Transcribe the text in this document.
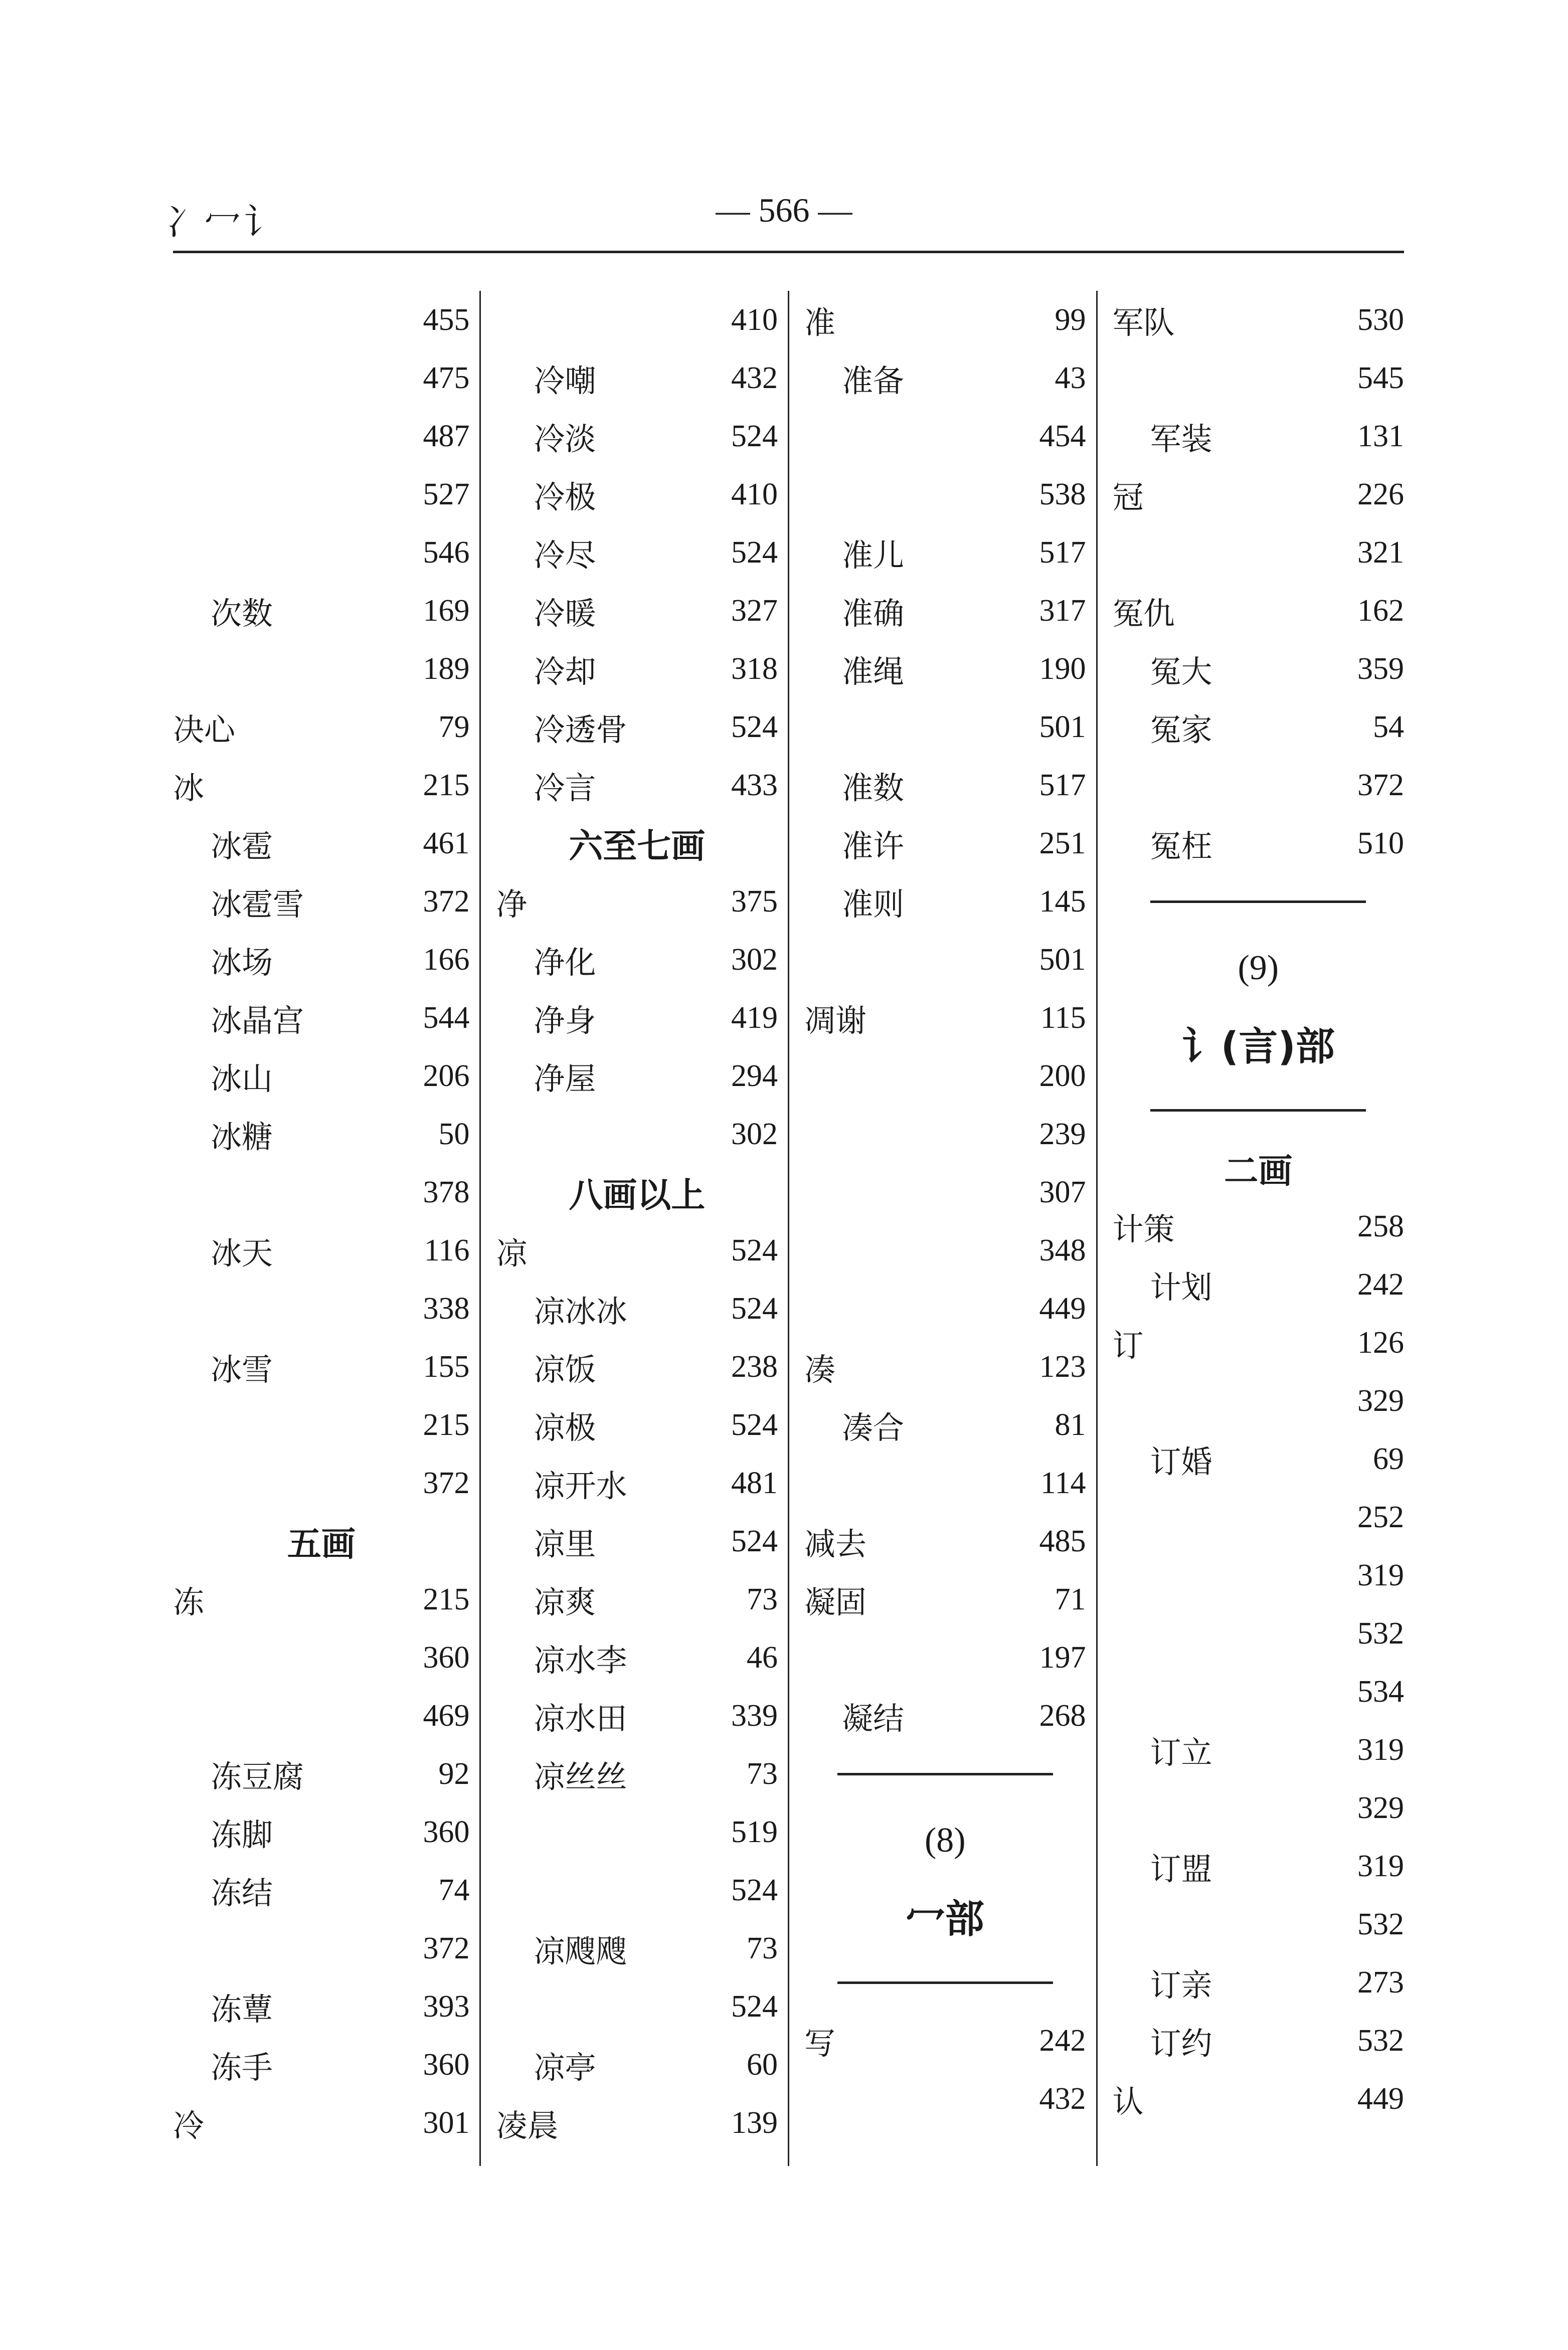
冫冖讠	— 566 —
455
475
487
527
546
次数	169
189
决心	79
冰	215
冰雹	461
冰雹雪	372
冰场	166
冰晶宫	544
冰山	206
冰糖	50
378
冰天	116
338
冰雪	155
215
372
五画
冻	215
360
469
冻豆腐	92
冻脚	360
冻结	74
372
冻蕈	393
冻手	360
冷	301
410
冷嘲	432
冷淡	524
冷极	410
冷尽	524
冷暖	327
冷却	318
冷透骨	524
冷言	433
六至七画
净	375
净化	302
净身	419
净屋	294
302
八画以上
凉	524
凉冰冰	524
凉饭	238
凉极	524
凉开水	481
凉里	524
凉爽	73
凉水李	46
凉水田	339
凉丝丝	73
519
524
凉飕飕	73
524
凉亭	60
凌晨	139
准	99
准备	43
454
538
准儿	517
准确	317
准绳	190
501
准数	517
准许	251
准则	145
501
凋谢	115
200
239
307
348
449
凑	123
凑合	81
114
减去	485
凝固	71
197
凝结	268
(8)
冖部
写	242
432
军队	530
545
军装	131
冠	226
321
冤仇	162
冤大	359
冤家	54
372
冤枉	510
(9)
讠(言)部
二画
计策	258
计划	242
订	126
329
订婚	69
252
319
532
534
订立	319
329
订盟	319
532
订亲	273
订约	532
认	449
